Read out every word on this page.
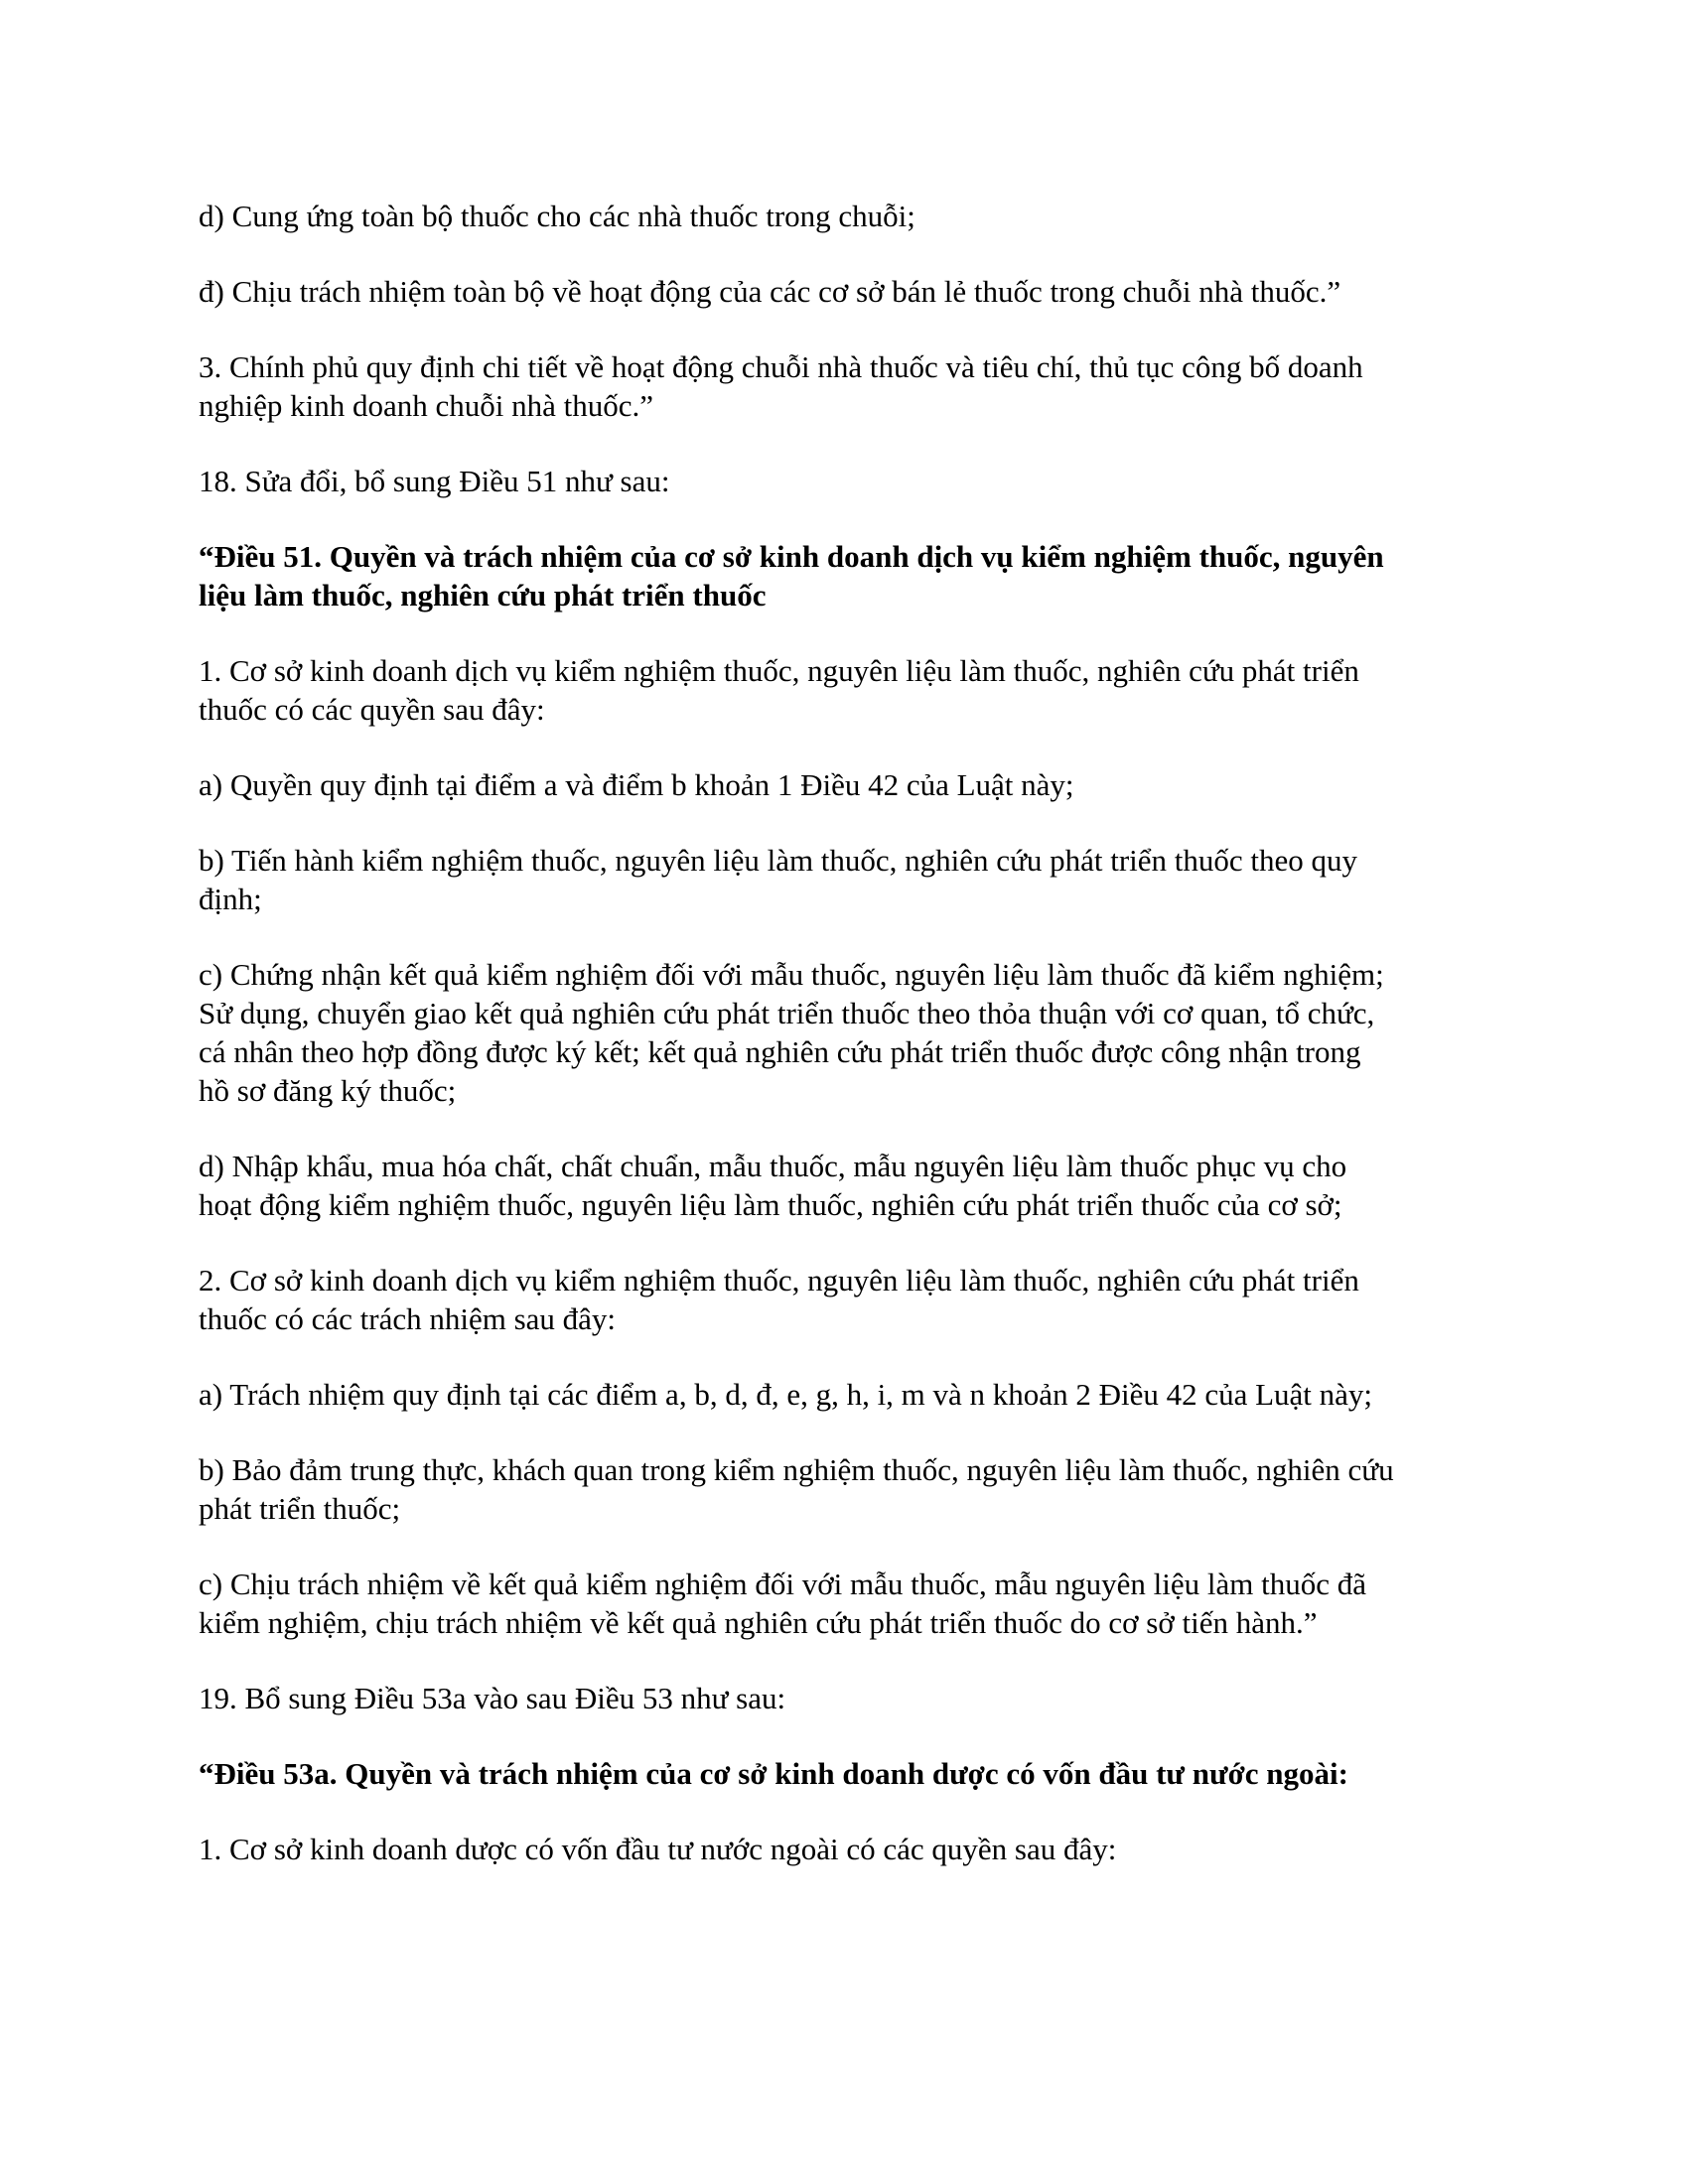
d) Cung ứng toàn bộ thuốc cho các nhà thuốc trong chuỗi;

đ) Chịu trách nhiệm toàn bộ về hoạt động của các cơ sở bán lẻ thuốc trong chuỗi nhà thuốc.”

3. Chính phủ quy định chi tiết về hoạt động chuỗi nhà thuốc và tiêu chí, thủ tục công bố doanh
nghiệp kinh doanh chuỗi nhà thuốc.”

18. Sửa đổi, bổ sung Điều 51 như sau:

“Điều 51. Quyền và trách nhiệm của cơ sở kinh doanh dịch vụ kiểm nghiệm thuốc, nguyên
liệu làm thuốc, nghiên cứu phát triển thuốc

1. Cơ sở kinh doanh dịch vụ kiểm nghiệm thuốc, nguyên liệu làm thuốc, nghiên cứu phát triển
thuốc có các quyền sau đây:

a) Quyền quy định tại điểm a và điểm b khoản 1 Điều 42 của Luật này;

b) Tiến hành kiểm nghiệm thuốc, nguyên liệu làm thuốc, nghiên cứu phát triển thuốc theo quy
định;

c) Chứng nhận kết quả kiểm nghiệm đối với mẫu thuốc, nguyên liệu làm thuốc đã kiểm nghiệm;
Sử dụng, chuyển giao kết quả nghiên cứu phát triển thuốc theo thỏa thuận với cơ quan, tổ chức,
cá nhân theo hợp đồng được ký kết; kết quả nghiên cứu phát triển thuốc được công nhận trong
hồ sơ đăng ký thuốc;

d) Nhập khẩu, mua hóa chất, chất chuẩn, mẫu thuốc, mẫu nguyên liệu làm thuốc phục vụ cho
hoạt động kiểm nghiệm thuốc, nguyên liệu làm thuốc, nghiên cứu phát triển thuốc của cơ sở;

2. Cơ sở kinh doanh dịch vụ kiểm nghiệm thuốc, nguyên liệu làm thuốc, nghiên cứu phát triển
thuốc có các trách nhiệm sau đây:

a) Trách nhiệm quy định tại các điểm a, b, d, đ, e, g, h, i, m và n khoản 2 Điều 42 của Luật này;

b) Bảo đảm trung thực, khách quan trong kiểm nghiệm thuốc, nguyên liệu làm thuốc, nghiên cứu
phát triển thuốc;

c) Chịu trách nhiệm về kết quả kiểm nghiệm đối với mẫu thuốc, mẫu nguyên liệu làm thuốc đã
kiểm nghiệm, chịu trách nhiệm về kết quả nghiên cứu phát triển thuốc do cơ sở tiến hành.”

19. Bổ sung Điều 53a vào sau Điều 53 như sau:

“Điều 53a. Quyền và trách nhiệm của cơ sở kinh doanh dược có vốn đầu tư nước ngoài:

1. Cơ sở kinh doanh dược có vốn đầu tư nước ngoài có các quyền sau đây:
